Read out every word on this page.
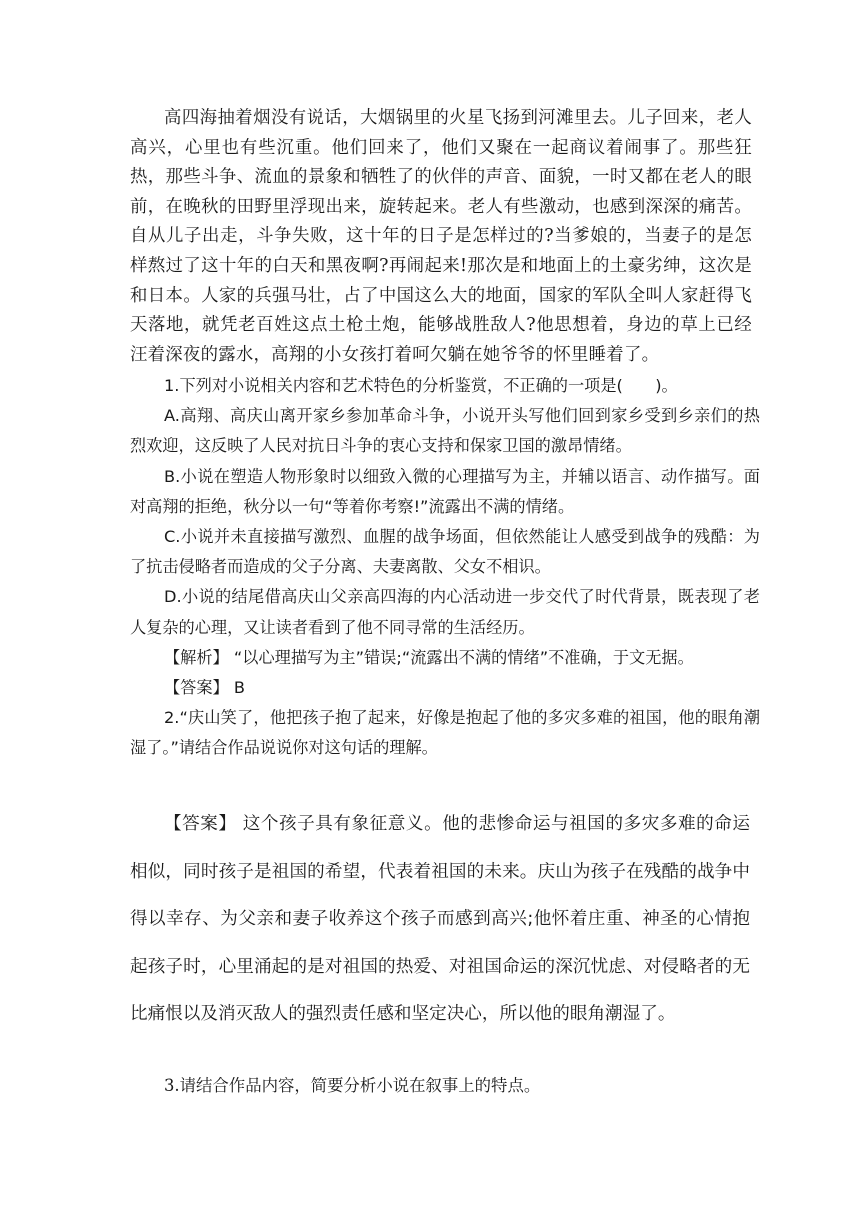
高四海抽着烟没有说话，大烟锅里的火星飞扬到河滩里去。儿子回来，老人高兴，心里也有些沉重。他们回来了，他们又聚在一起商议着闹事了。那些狂热，那些斗争、流血的景象和牺牲了的伙伴的声音、面貌，一时又都在老人的眼前，在晚秋的田野里浮现出来，旋转起来。老人有些激动，也感到深深的痛苦。自从儿子出走，斗争失败，这十年的日子是怎样过的?当爹娘的，当妻子的是怎样熬过了这十年的白天和黑夜啊?再闹起来!那次是和地面上的土豪劣绅，这次是和日本。人家的兵强马壮，占了中国这么大的地面，国家的军队全叫人家赶得飞天落地，就凭老百姓这点土枪土炮，能够战胜敌人?他思想着，身边的草上已经汪着深夜的露水，高翔的小女孩打着呵欠躺在她爷爷的怀里睡着了。

1.下列对小说相关内容和艺术特色的分析鉴赏，不正确的一项是(　　)。

A.高翔、高庆山离开家乡参加革命斗争，小说开头写他们回到家乡受到乡亲们的热烈欢迎，这反映了人民对抗日斗争的衷心支持和保家卫国的激昂情绪。

B.小说在塑造人物形象时以细致入微的心理描写为主，并辅以语言、动作描写。面对高翔的拒绝，秋分以一句“等着你考察!”流露出不满的情绪。

C.小说并未直接描写激烈、血腥的战争场面，但依然能让人感受到战争的残酷：为了抗击侵略者而造成的父子分离、夫妻离散、父女不相识。

D.小说的结尾借高庆山父亲高四海的内心活动进一步交代了时代背景，既表现了老人复杂的心理，又让读者看到了他不同寻常的生活经历。

【解析】 “以心理描写为主”错误;“流露出不满的情绪”不准确，于文无据。

【答案】 B

2.“庆山笑了，他把孩子抱了起来，好像是抱起了他的多灾多难的祖国，他的眼角潮湿了。”请结合作品说说你对这句话的理解。

【答案】 这个孩子具有象征意义。他的悲惨命运与祖国的多灾多难的命运相似，同时孩子是祖国的希望，代表着祖国的未来。庆山为孩子在残酷的战争中得以幸存、为父亲和妻子收养这个孩子而感到高兴;他怀着庄重、神圣的心情抱起孩子时，心里涌起的是对祖国的热爱、对祖国命运的深沉忧虑、对侵略者的无比痛恨以及消灭敌人的强烈责任感和坚定决心，所以他的眼角潮湿了。

3.请结合作品内容，简要分析小说在叙事上的特点。
